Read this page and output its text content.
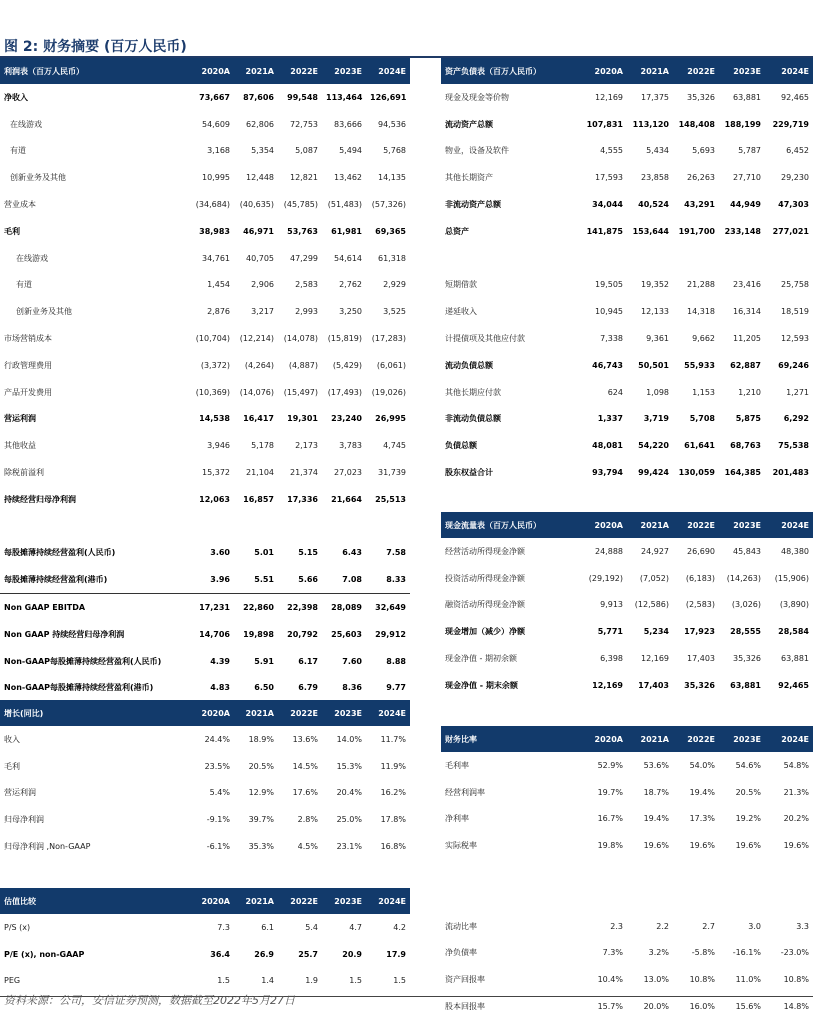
图 2: 财务摘要 (百万人民币)
利润表（百万人民币）	2020A	2021A	2022E	2023E	2024E
净收入	73,667	87,606	99,548	113,464	126,691
在线游戏	54,609	62,806	72,753	83,666	94,536
有道	3,168	5,354	5,087	5,494	5,768
创新业务及其他	10,995	12,448	12,821	13,462	14,135
营业成本	(34,684)	(40,635)	(45,785)	(51,483)	(57,326)
毛利	38,983	46,971	53,763	61,981	69,365
在线游戏	34,761	40,705	47,299	54,614	61,318
有道	1,454	2,906	2,583	2,762	2,929
创新业务及其他	2,876	3,217	2,993	3,250	3,525
市场营销成本	(10,704)	(12,214)	(14,078)	(15,819)	(17,283)
行政管理费用	(3,372)	(4,264)	(4,887)	(5,429)	(6,061)
产品开发费用	(10,369)	(14,076)	(15,497)	(17,493)	(19,026)
营运利润	14,538	16,417	19,301	23,240	26,995
其他收益	3,946	5,178	2,173	3,783	4,745
除税前溢利	15,372	21,104	21,374	27,023	31,739
持续经营归母净利润	12,063	16,857	17,336	21,664	25,513

每股摊薄持续经营盈利(人民币)	3.60	5.01	5.15	6.43	7.58
每股摊薄持续经营盈利(港币)	3.96	5.51	5.66	7.08	8.33
Non GAAP EBITDA	17,231	22,860	22,398	28,089	32,649
Non GAAP 持续经营归母净利润	14,706	19,898	20,792	25,603	29,912
Non-GAAP每股摊薄持续经营盈利(人民币)	4.39	5.91	6.17	7.60	8.88
Non-GAAP每股摊薄持续经营盈利(港币)	4.83	6.50	6.79	8.36	9.77
增长(同比)	2020A	2021A	2022E	2023E	2024E
收入	24.4%	18.9%	13.6%	14.0%	11.7%
毛利	23.5%	20.5%	14.5%	15.3%	11.9%
营运利润	5.4%	12.9%	17.6%	20.4%	16.2%
归母净利润	-9.1%	39.7%	2.8%	25.0%	17.8%
归母净利润 ,Non-GAAP	-6.1%	35.3%	4.5%	23.1%	16.8%
估值比较	2020A	2021A	2022E	2023E	2024E
P/S (x)	7.3	6.1	5.4	4.7	4.2
P/E (x), non-GAAP	36.4	26.9	25.7	20.9	17.9
PEG	1.5	1.4	1.9	1.5	1.5
资产负债表（百万人民币）	2020A	2021A	2022E	2023E	2024E
现金及现金等价物	12,169	17,375	35,326	63,881	92,465
流动资产总额	107,831	113,120	148,408	188,199	229,719
物业，设备及软件	4,555	5,434	5,693	5,787	6,452
其他长期资产	17,593	23,858	26,263	27,710	29,230
非流动资产总额	34,044	40,524	43,291	44,949	47,303
总资产	141,875	153,644	191,700	233,148	277,021

短期借款	19,505	19,352	21,288	23,416	25,758
递延收入	10,945	12,133	14,318	16,314	18,519
计提债项及其他应付款	7,338	9,361	9,662	11,205	12,593
流动负债总额	46,743	50,501	55,933	62,887	69,246
其他长期应付款	624	1,098	1,153	1,210	1,271
非流动负债总额	1,337	3,719	5,708	5,875	6,292
负债总额	48,081	54,220	61,641	68,763	75,538
股东权益合计	93,794	99,424	130,059	164,385	201,483
现金流量表（百万人民币）	2020A	2021A	2022E	2023E	2024E
经营活动所得现金净额	24,888	24,927	26,690	45,843	48,380
投资活动所得现金净额	(29,192)	(7,052)	(6,183)	(14,263)	(15,906)
融资活动所得现金净额	9,913	(12,586)	(2,583)	(3,026)	(3,890)
现金增加（减少）净额	5,771	5,234	17,923	28,555	28,584
现金净值 - 期初余额	6,398	12,169	17,403	35,326	63,881
现金净值 - 期末余额	12,169	17,403	35,326	63,881	92,465
财务比率	2020A	2021A	2022E	2023E	2024E
毛利率	52.9%	53.6%	54.0%	54.6%	54.8%
经营利润率	19.7%	18.7%	19.4%	20.5%	21.3%
净利率	16.7%	19.4%	17.3%	19.2%	20.2%
实际税率	19.8%	19.6%	19.6%	19.6%	19.6%

流动比率	2.3	2.2	2.7	3.0	3.3
净负债率	7.3%	3.2%	-5.8%	-16.1%	-23.0%
资产回报率	10.4%	13.0%	10.8%	11.0%	10.8%
股本回报率	15.7%	20.0%	16.0%	15.6%	14.8%
资料来源：公司，安信证券预测，数据截至2022年5月27日
